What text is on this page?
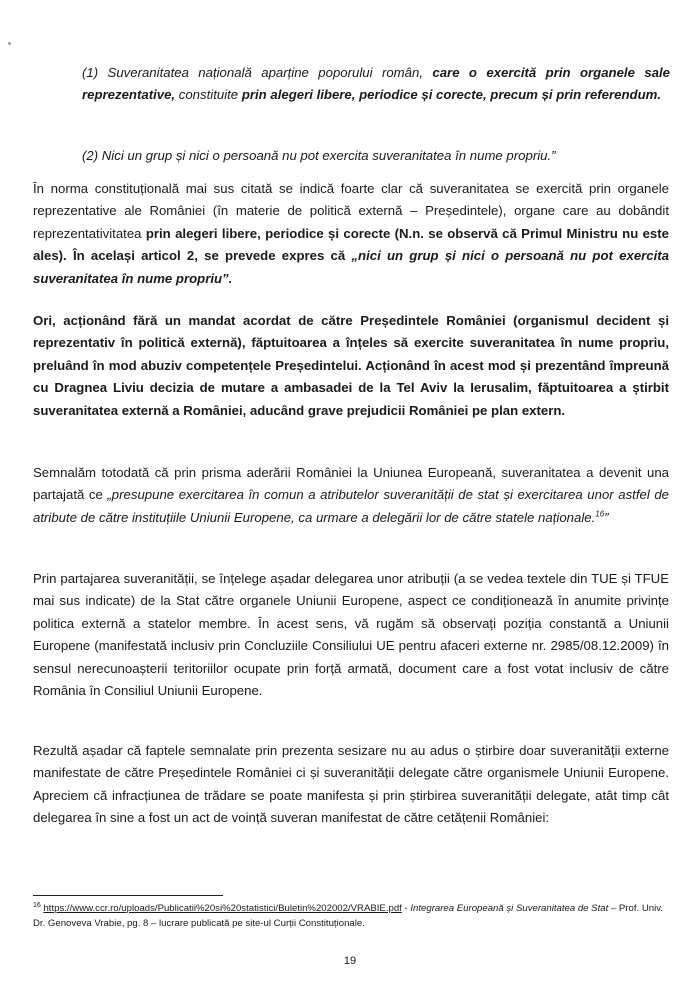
(1) Suveranitatea națională aparține poporului român, care o exercită prin organele sale reprezentative, constituite prin alegeri libere, periodice și corecte, precum și prin referendum.

(2) Nici un grup și nici o persoană nu pot exercita suveranitatea în nume propriu.”

În norma constituțională mai sus citată se indică foarte clar că suveranitatea se exercită prin organele reprezentative ale României (în materie de politică externă – Președintele), organe care au dobândit reprezentativitatea prin alegeri libere, periodice și corecte (N.n. se observă că Primul Ministru nu este ales). În același articol 2, se prevede expres că „nici un grup și nici o persoană nu pot exercita suveranitatea în nume propriu”.

Ori, acționând fără un mandat acordat de către Președintele României (organismul decident și reprezentativ în politică externă), făptuitoarea a înțeles să exercite suveranitatea în nume propriu, preluând în mod abuziv competențele Președintelui. Acționând în acest mod și prezentând împreună cu Dragnea Liviu decizia de mutare a ambasadei de la Tel Aviv la Ierusalim, făptuitoarea a știrbit suveranitatea externă a României, aducând grave prejudicii României pe plan extern.

Semnalăm totodată că prin prisma aderării României la Uniunea Europeană, suveranitatea a devenit una partajată ce „presupune exercitarea în comun a atributelor suveranității de stat și exercitarea unor astfel de atribute de către instituțiile Uniunii Europene, ca urmare a delegării lor de către statele naționale.$^{16}$”

Prin partajarea suveranității, se înțelege așadar delegarea unor atribuții (a se vedea textele din TUE și TFUE mai sus indicate) de la Stat către organele Uniunii Europene, aspect ce condiționează în anumite privințe politica externă a statelor membre. În acest sens, vă rugăm să observați poziția constantă a Uniunii Europene (manifestată inclusiv prin Concluziile Consiliului UE pentru afaceri externe nr. 2985/08.12.2009) în sensul nerecunoașterii teritoriilor ocupate prin forță armată, document care a fost votat inclusiv de către România în Consiliul Uniunii Europene.

Rezultă așadar că faptele semnalate prin prezenta sesizare nu au adus o știrbire doar suveranității externe manifestate de către Președintele României ci și suveranității delegate către organismele Uniunii Europene. Apreciem că infracțiunea de trădare se poate manifesta și prin știrbirea suveranității delegate, atât timp cât delegarea în sine a fost un act de voință suveran manifestat de către cetățenii României:

$^{16}$ https://www.ccr.ro/uploads/Publicatii%20si%20statistici/Buletin%202002/VRABIE.pdf - Integrarea Europeană și Suveranitatea de Stat – Prof. Univ. Dr. Genoveva Vrabie, pg. 8 – lucrare publicată pe site-ul Curții Constituționale.

19
